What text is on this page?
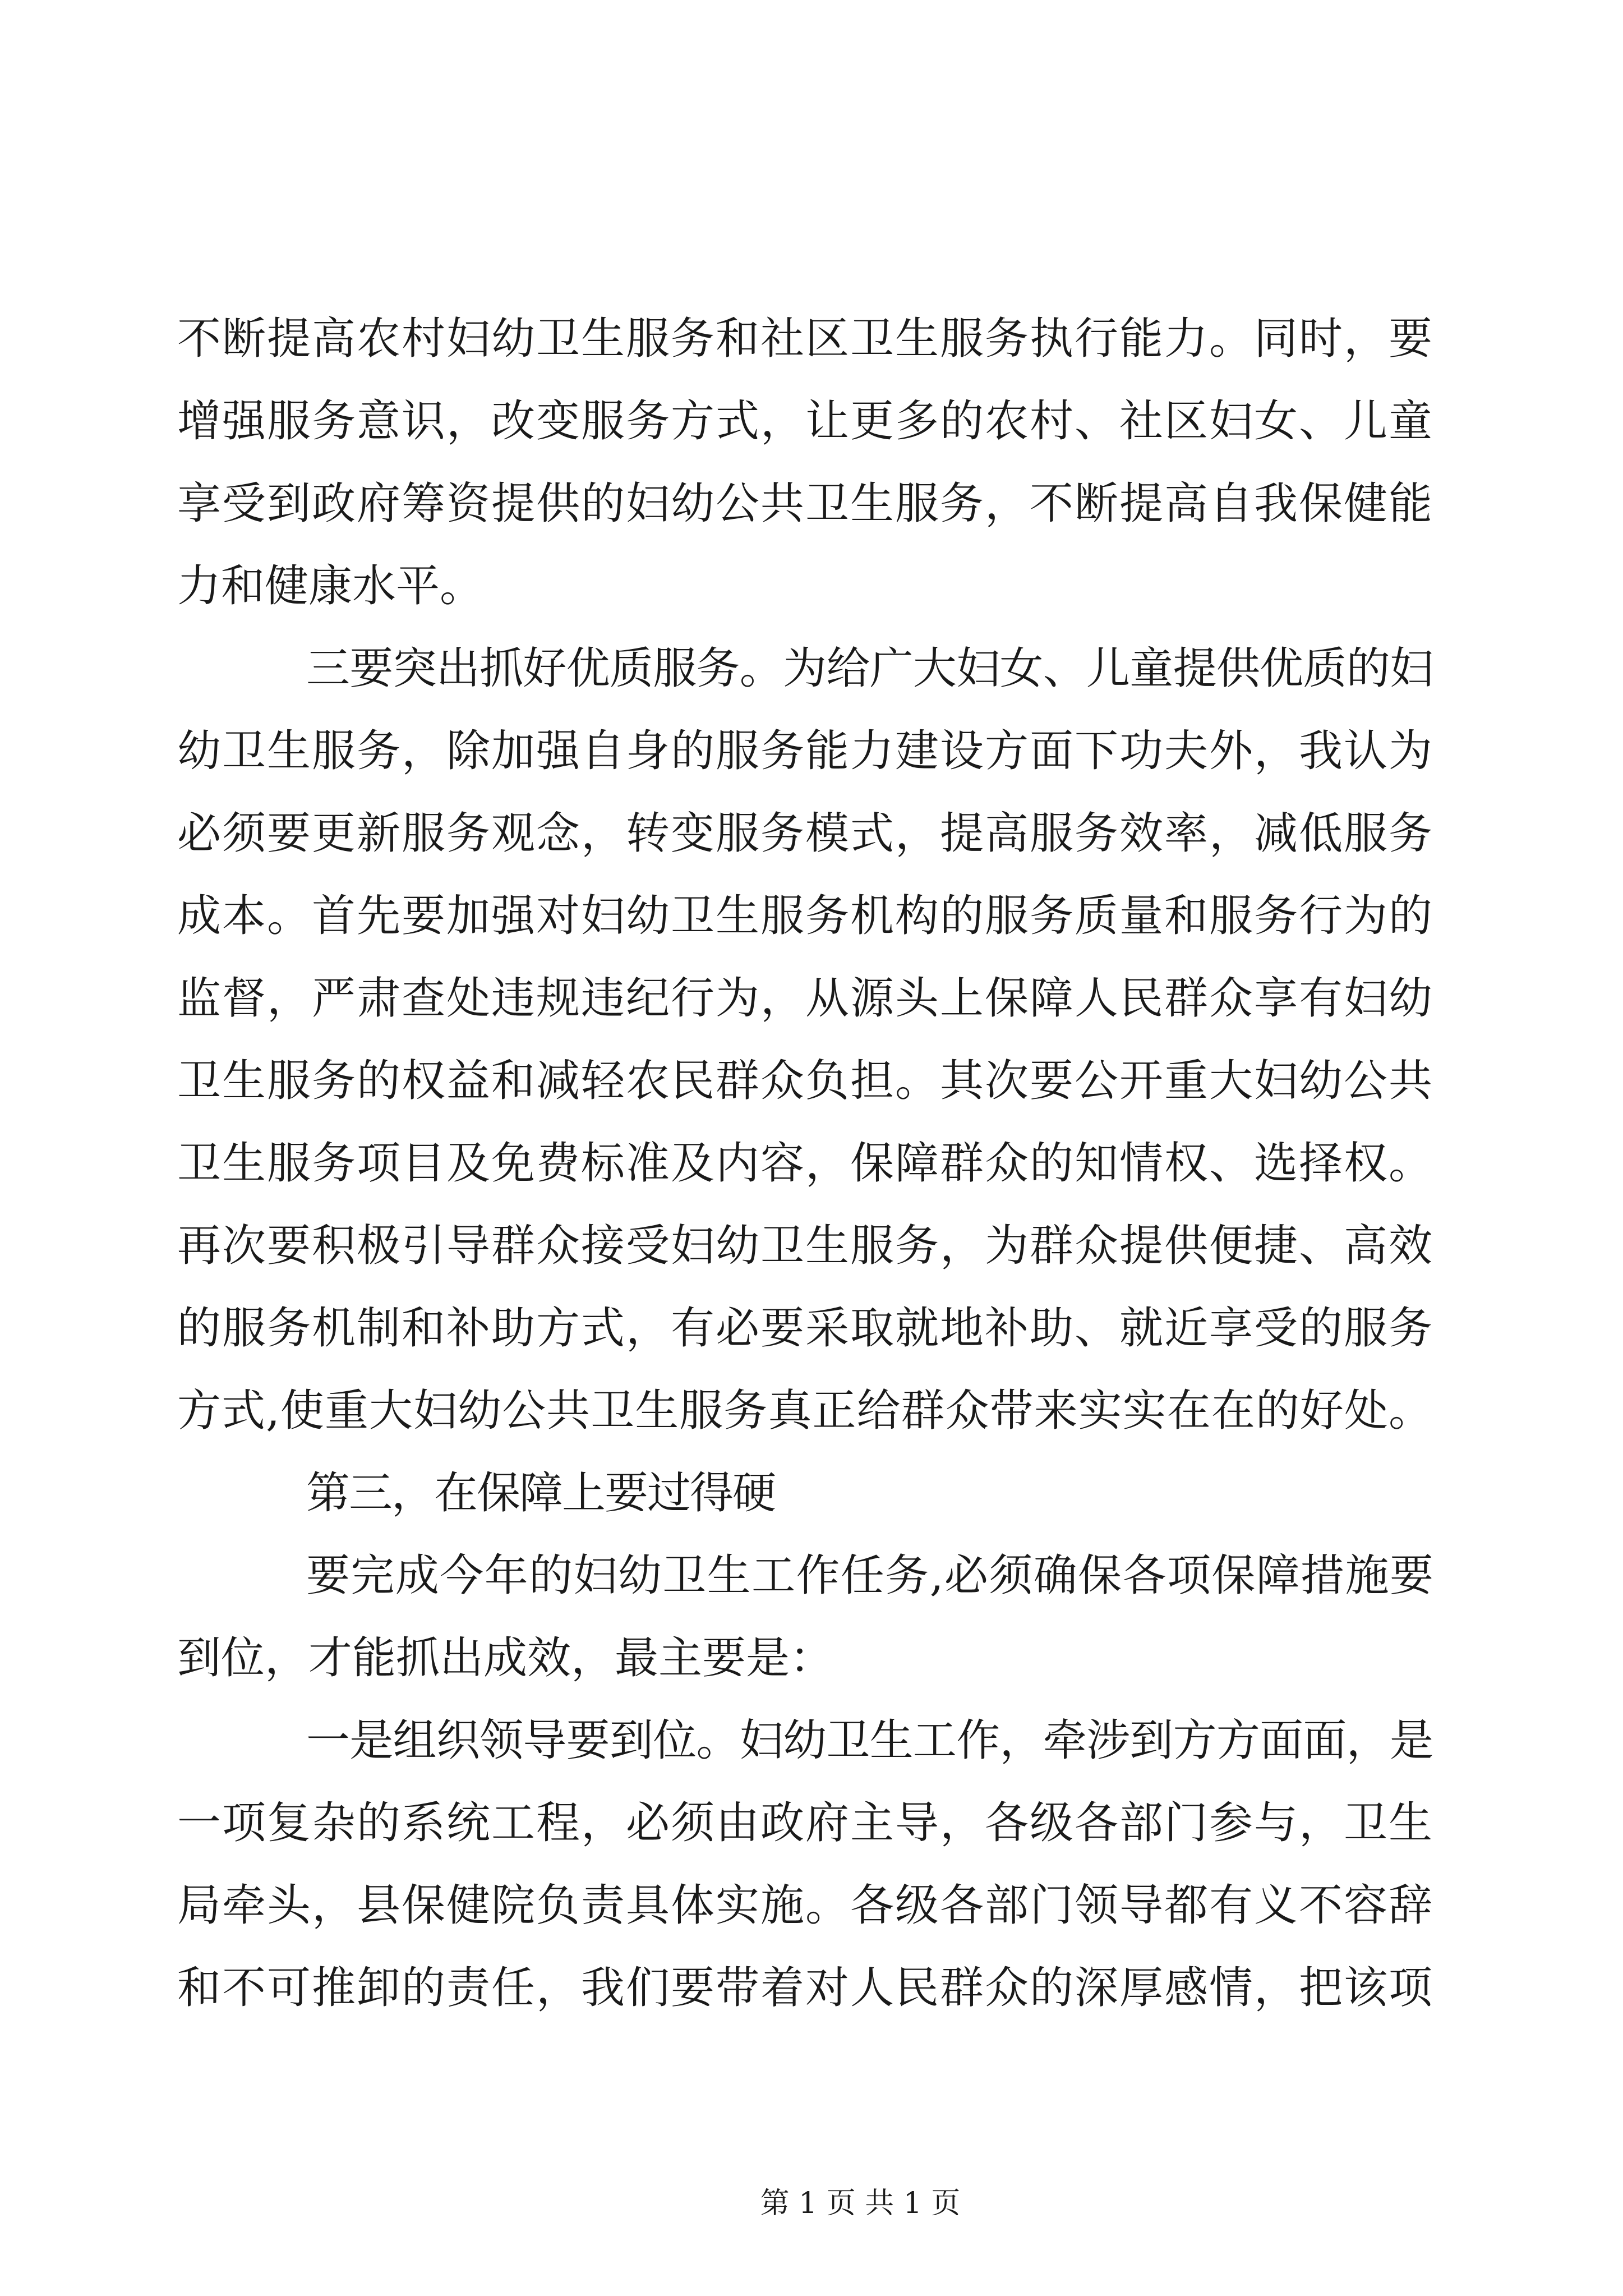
不断提高农村妇幼卫生服务和社区卫生服务执行能力。同时，要
增强服务意识，改变服务方式，让更多的农村、社区妇女、儿童
享受到政府筹资提供的妇幼公共卫生服务，不断提高自我保健能
力和健康水平。
三要突出抓好优质服务。为给广大妇女、儿童提供优质的妇
幼卫生服务，除加强自身的服务能力建设方面下功夫外，我认为
必须要更新服务观念，转变服务模式，提高服务效率，减低服务
成本。首先要加强对妇幼卫生服务机构的服务质量和服务行为的
监督，严肃查处违规违纪行为，从源头上保障人民群众享有妇幼
卫生服务的权益和减轻农民群众负担。其次要公开重大妇幼公共
卫生服务项目及免费标准及内容，保障群众的知情权、选择权。
再次要积极引导群众接受妇幼卫生服务，为群众提供便捷、高效
的服务机制和补助方式，有必要采取就地补助、就近享受的服务
方式,使重大妇幼公共卫生服务真正给群众带来实实在在的好处。
第三，在保障上要过得硬
要完成今年的妇幼卫生工作任务,必须确保各项保障措施要
到位，才能抓出成效，最主要是：
一是组织领导要到位。妇幼卫生工作，牵涉到方方面面，是
一项复杂的系统工程，必须由政府主导，各级各部门参与，卫生
局牵头，县保健院负责具体实施。各级各部门领导都有义不容辞
和不可推卸的责任，我们要带着对人民群众的深厚感情，把该项
第 1 页 共 1 页
